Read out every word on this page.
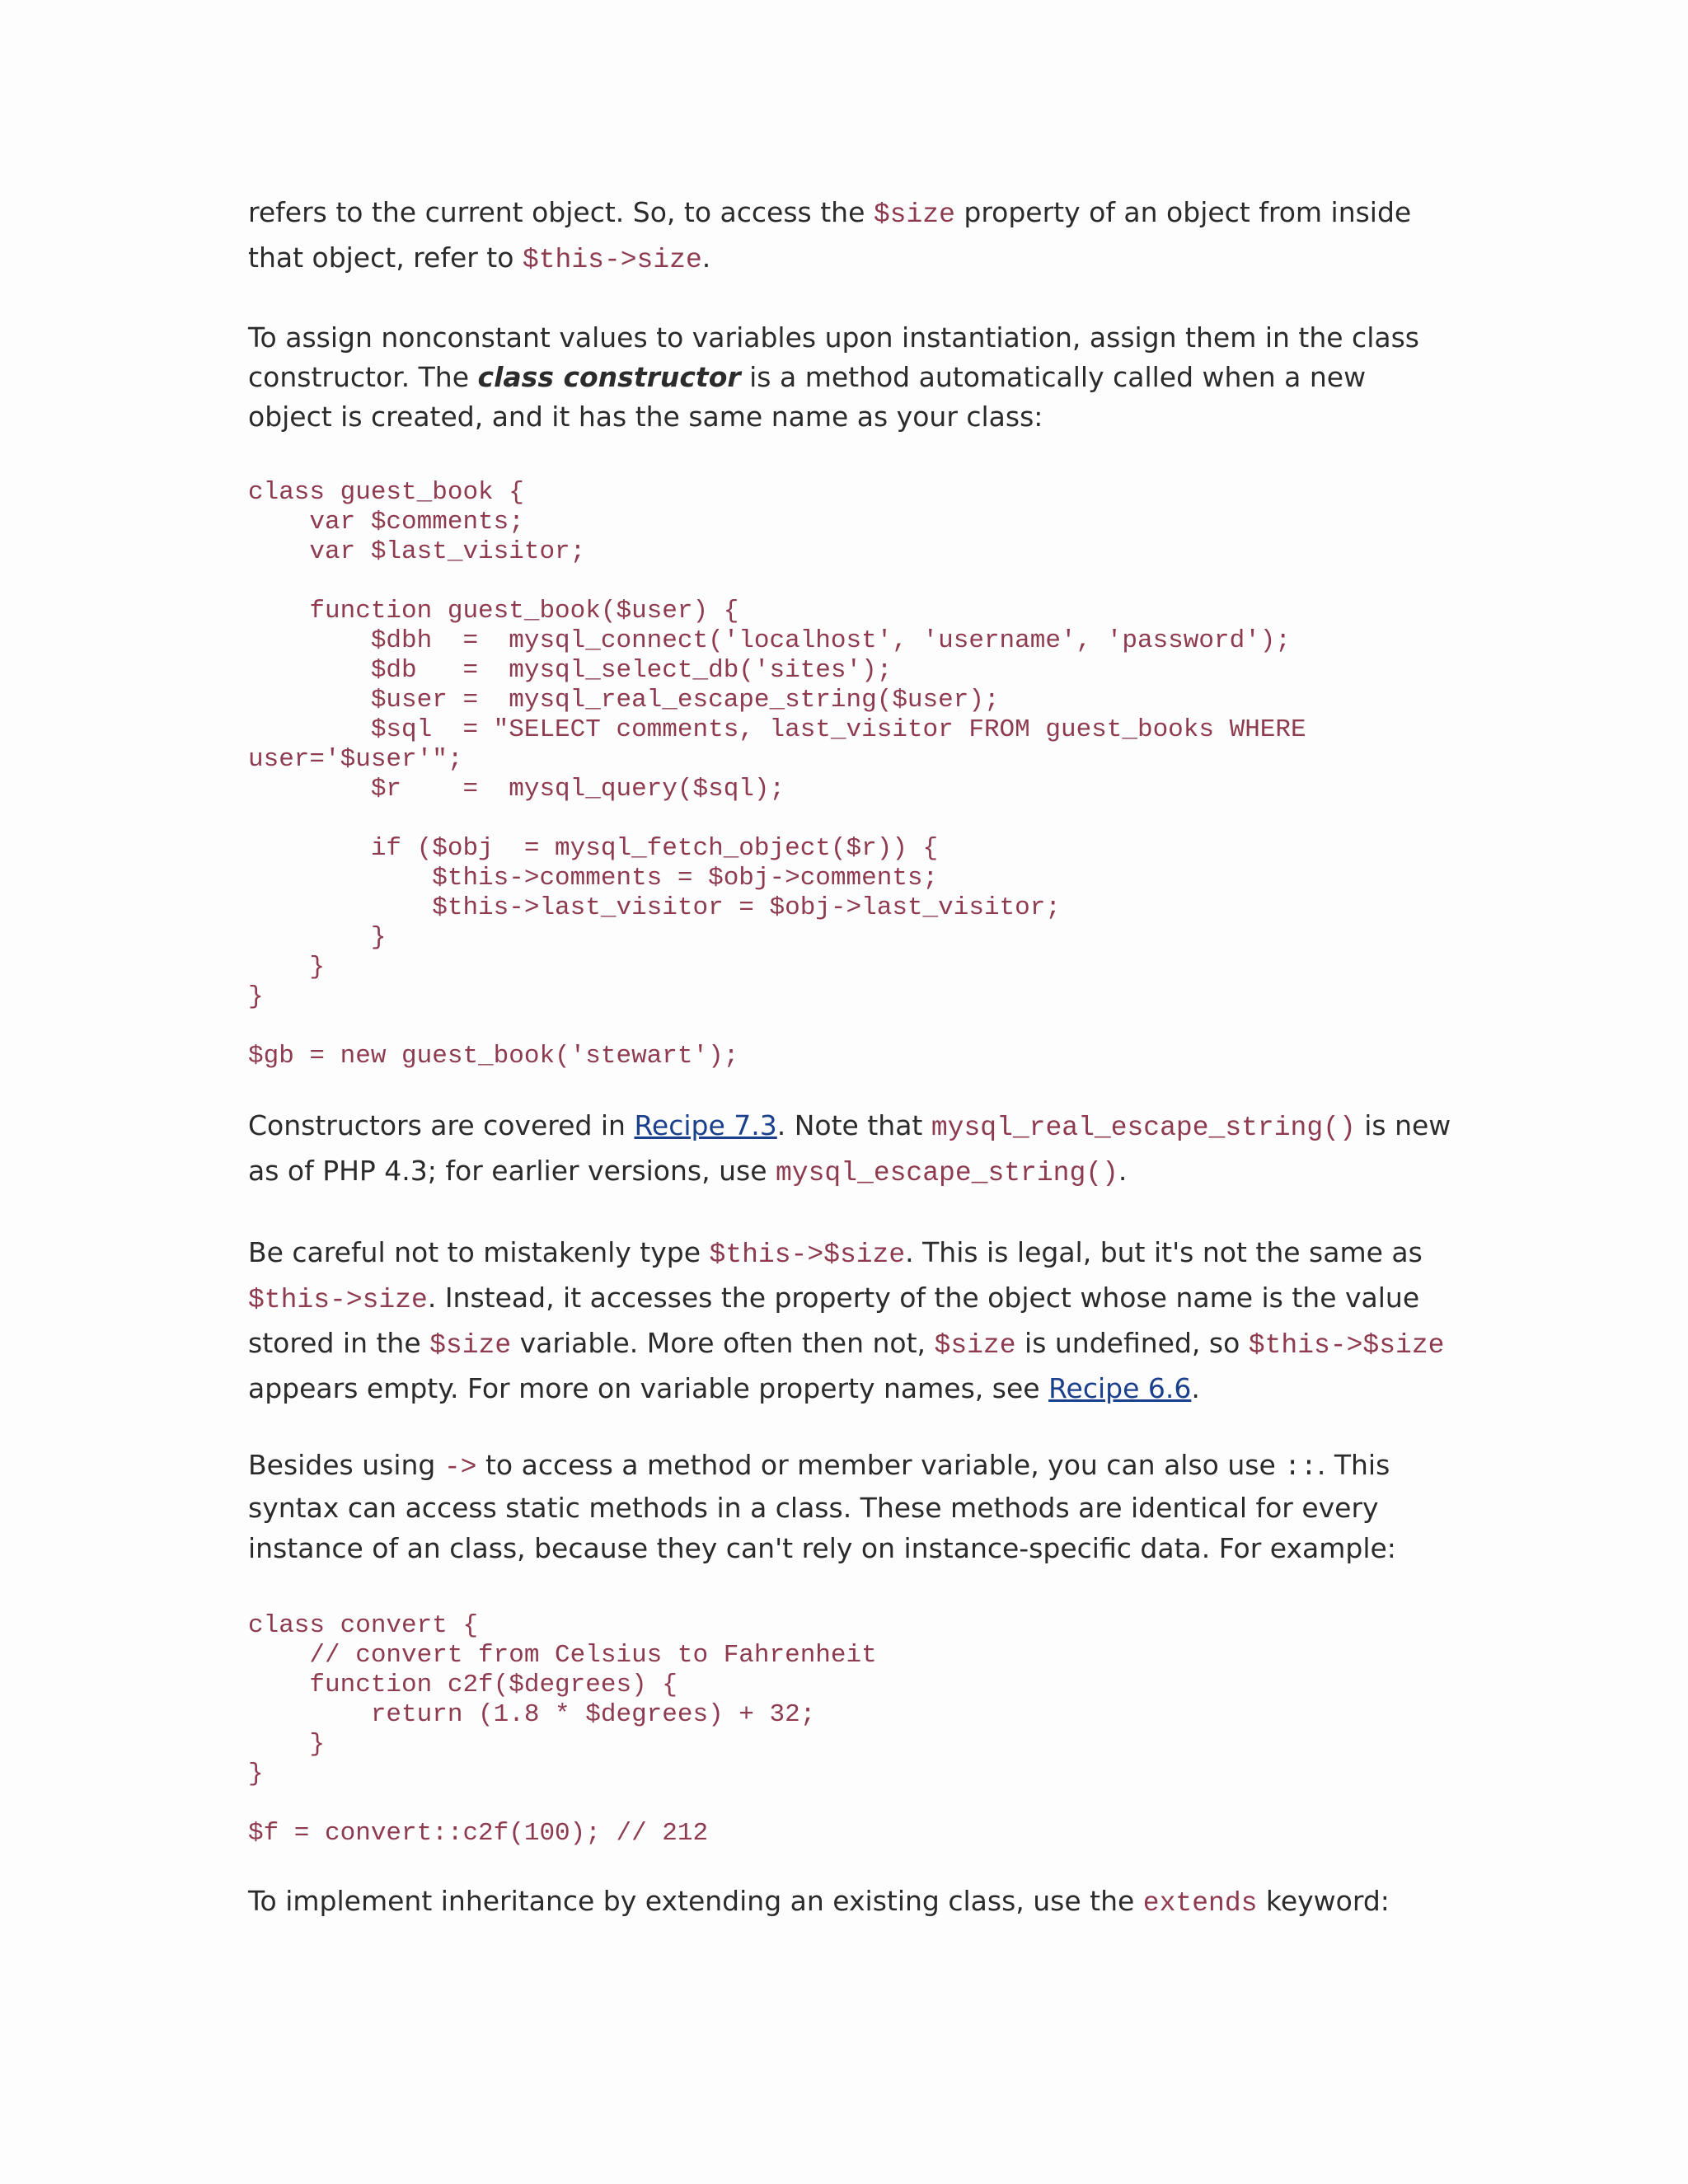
refers to the current object. So, to access the $size property of an object from inside that object, refer to $this->size.

To assign nonconstant values to variables upon instantiation, assign them in the class constructor. The class constructor is a method automatically called when a new object is created, and it has the same name as your class:

class guest_book {
var $comments;
var $last_visitor;

function guest_book($user) {
$dbh  =  mysql_connect('localhost', 'username', 'password');
$db   =  mysql_select_db('sites');
$user =  mysql_real_escape_string($user);
$sql  = "SELECT comments, last_visitor FROM guest_books WHERE
user='$user'";
$r    =  mysql_query($sql);

if ($obj  = mysql_fetch_object($r)) {
$this->comments = $obj->comments;
$this->last_visitor = $obj->last_visitor;
}
}
}

$gb = new guest_book('stewart');

Constructors are covered in Recipe 7.3. Note that mysql_real_escape_string() is new as of PHP 4.3; for earlier versions, use mysql_escape_string().

Be careful not to mistakenly type $this->$size. This is legal, but it's not the same as $this->size. Instead, it accesses the property of the object whose name is the value stored in the $size variable. More often then not, $size is undefined, so $this->$size appears empty. For more on variable property names, see Recipe 6.6.

Besides using -> to access a method or member variable, you can also use ::. This syntax can access static methods in a class. These methods are identical for every instance of an class, because they can't rely on instance-specific data. For example:

class convert {
// convert from Celsius to Fahrenheit
function c2f($degrees) {
return (1.8 * $degrees) + 32;
}
}

$f = convert::c2f(100); // 212

To implement inheritance by extending an existing class, use the extends keyword:
